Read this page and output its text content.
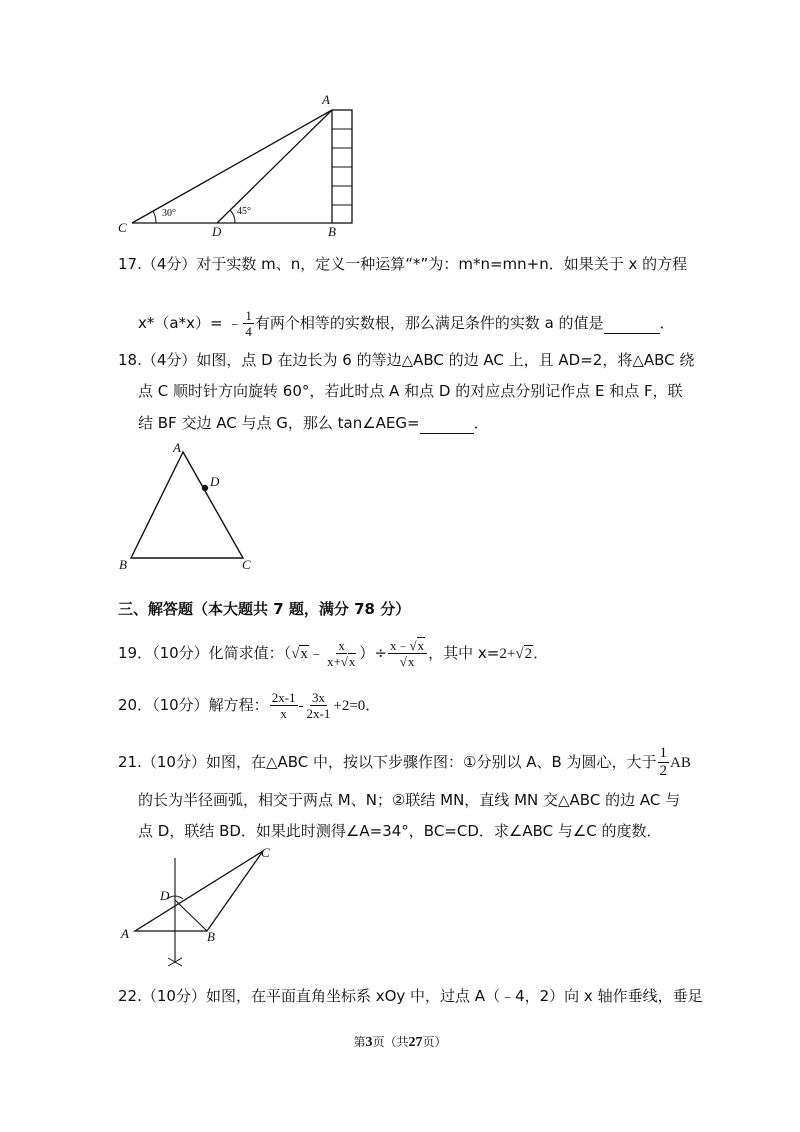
A
B
C	D
30°	45°
17.（4分）对于实数 m、n，定义一种运算“*”为：m*n=mn+n．如果关于 x 的方程
x*（a*x）= ﹣ $\frac{1}{4}$ 有两个相等的实数根，那么满足条件的实数 a 的值是	．
18.（4分）如图，点 D 在边长为 6 的等边△ABC 的边 AC 上，且 AD=2，将△ABC 绕
点 C 顺时针方向旋转 60°，若此时点 A 和点 D 的对应点分别记作点 E 和点 F，联
结 BF 交边 AC 与点 G，那么 tan∠AEG=	．
A
B	C
D
三、解答题（本大题共 7 题，满分 78 分）
19．（10分）化简求值：（√x﹣ $\frac{x}{x+√x}$ ）÷ $\frac{x﹣√x}{√x}$ ，其中 x=2+√2．
20．（10分）解方程： $\frac{2x-1}{x} - \frac{3x}{2x-1} +2=0$．
21.（10分）如图，在△ABC 中，按以下步骤作图：①分别以 A、B 为圆心，大于 $\frac{1}{2}$ AB
的长为半径画弧，相交于两点 M、N；②联结 MN，直线 MN 交△ABC 的边 AC 与
点 D，联结 BD．如果此时测得∠A=34°，BC=CD．求∠ABC 与∠C 的度数．
A	B
C
D
22.（10分）如图，在平面直角坐标系 xOy 中，过点 A（﹣4，2）向 x 轴作垂线，垂足
第3页（共27页）
